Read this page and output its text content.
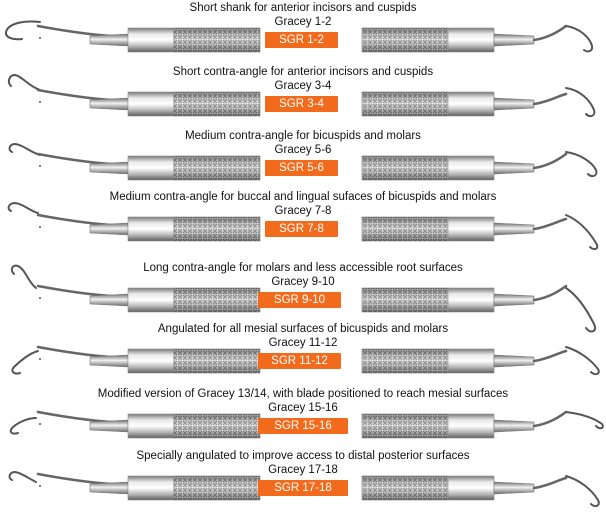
Short shank for anterior incisors and cuspids
Gracey 1-2
SGR 1-2
Short contra-angle for anterior incisors and cuspids
Gracey 3-4
SGR 3-4
Medium contra-angle for bicuspids and molars
Gracey 5-6
SGR 5-6
Medium contra-angle for buccal and lingual sufaces of bicuspids and molars
Gracey 7-8
SGR 7-8
Long contra-angle for molars and less accessible root surfaces
Gracey 9-10
SGR 9-10
Angulated for all mesial surfaces of bicuspids and molars
Gracey 11-12
SGR 11-12
Modified version of Gracey 13/14, with blade positioned to reach mesial surfaces
Gracey 15-16
SGR 15-16
Specially angulated to improve access to distal posterior surfaces
Gracey 17-18
SGR 17-18
